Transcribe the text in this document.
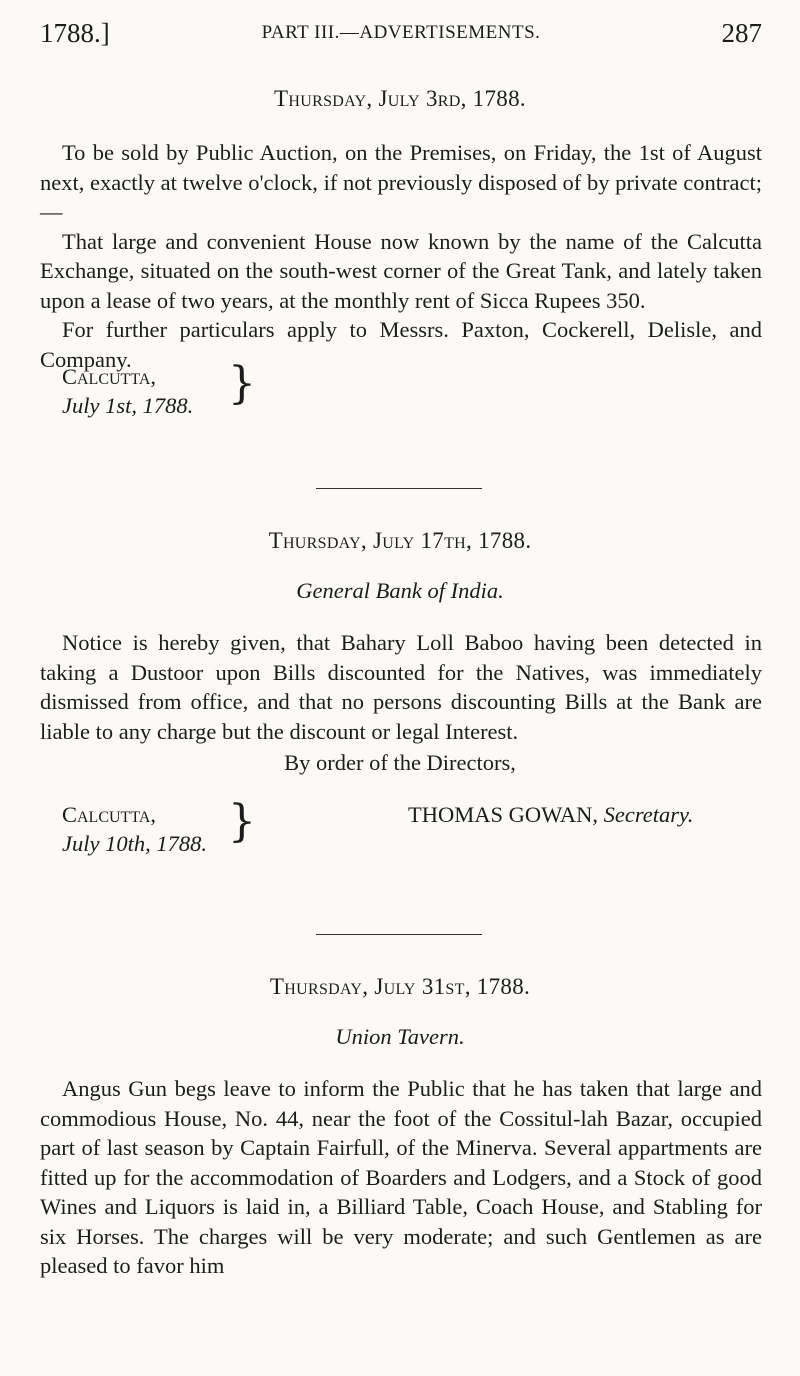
1788.]	PART III.—ADVERTISEMENTS.	287
Thursday, July 3rd, 1788.

To be sold by Public Auction, on the Premises, on Friday, the 1st of August next, exactly at twelve o'clock, if not previously disposed of by private contract;—

That large and convenient House now known by the name of the Calcutta Exchange, situated on the south-west corner of the Great Tank, and lately taken upon a lease of two years, at the monthly rent of Sicca Rupees 350.

For further particulars apply to Messrs. Paxton, Cockerell, Delisle, and Company.

Calcutta,
July 1st, 1788. }
Thursday, July 17th, 1788.
General Bank of India.

Notice is hereby given, that Bahary Loll Baboo having been detected in taking a Dustoor upon Bills discounted for the Natives, was immediately dismissed from office, and that no persons discounting Bills at the Bank are liable to any charge but the discount or legal Interest.

By order of the Directors,
Calcutta,
July 10th, 1788. }	THOMAS GOWAN, Secretary.
Thursday, July 31st, 1788.
Union Tavern.

Angus Gun begs leave to inform the Public that he has taken that large and commodious House, No. 44, near the foot of the Cossitul-lah Bazar, occupied part of last season by Captain Fairfull, of the Minerva. Several appartments are fitted up for the accommodation of Boarders and Lodgers, and a Stock of good Wines and Liquors is laid in, a Billiard Table, Coach House, and Stabling for six Horses. The charges will be very moderate; and such Gentlemen as are pleased to favor him
